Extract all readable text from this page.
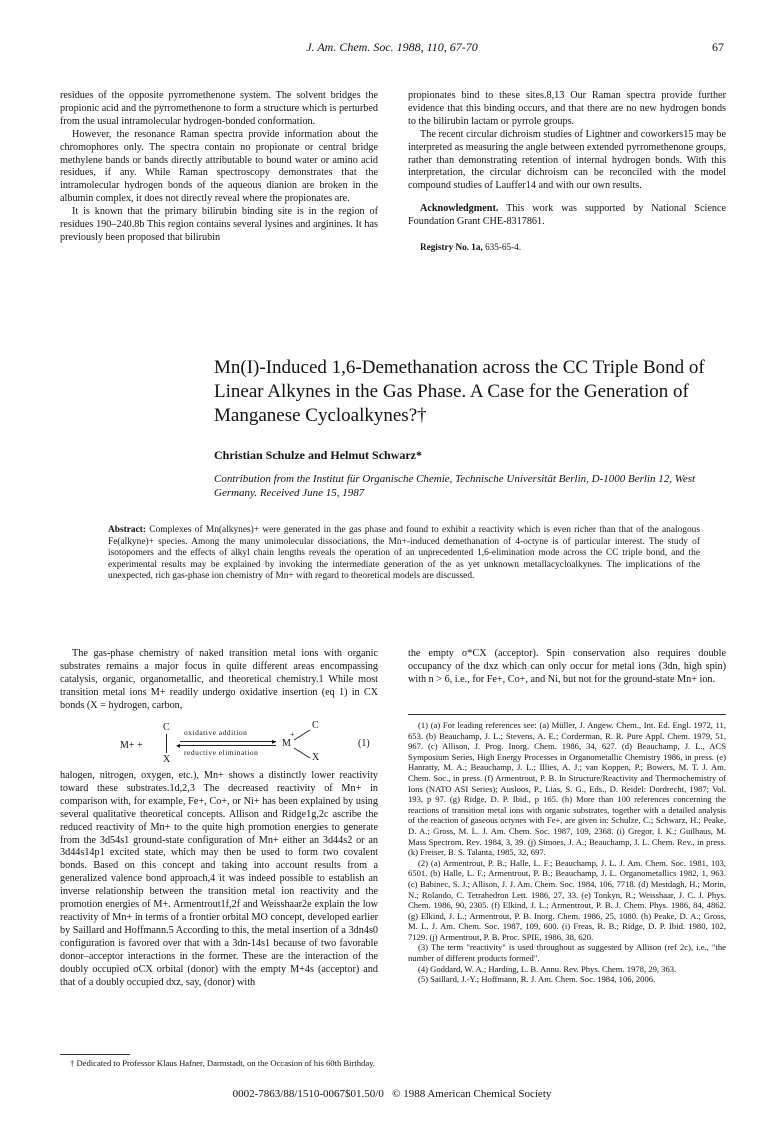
J. Am. Chem. Soc. 1988, 110, 67-70	67

residues of the opposite pyrromethenone system. The solvent bridges the propionic acid and the pyrromethenone to form a structure which is perturbed from the usual intramolecular hydrogen-bonded conformation.

However, the resonance Raman spectra provide information about the chromophores only. The spectra contain no propionate or central bridge methylene bands or bands directly attributable to bound water or amino acid residues, if any. While Raman spectroscopy demonstrates that the intramolecular hydrogen bonds of the aqueous dianion are broken in the albumin complex, it does not directly reveal where the propionates are.

It is known that the primary bilirubin binding site is in the region of residues 190–240.8b This region contains several lysines and arginines. It has previously been proposed that bilirubin

propionates bind to these sites.8,13 Our Raman spectra provide further evidence that this binding occurs, and that there are no new hydrogen bonds to the bilirubin lactam or pyrrole groups.

The recent circular dichroism studies of Lightner and coworkers15 may be interpreted as measuring the angle between extended pyrromethenone groups, rather than demonstrating retention of internal hydrogen bonds. With this interpretation, the circular dichroism can be reconciled with the model compound studies of Lauffer14 and with our own results.

Acknowledgment. This work was supported by National Science Foundation Grant CHE-8317861.

Registry No. 1a, 635-65-4.

Mn(I)-Induced 1,6-Demethanation across the CC Triple Bond of Linear Alkynes in the Gas Phase. A Case for the Generation of Manganese Cycloalkynes?†
Christian Schulze and Helmut Schwarz*
Contribution from the Institut für Organische Chemie, Technische Universität Berlin, D-1000 Berlin 12, West Germany. Received June 15, 1987
Abstract: Complexes of Mn(alkynes)+ were generated in the gas phase and found to exhibit a reactivity which is even richer than that of the analogous Fe(alkyne)+ species. Among the many unimolecular dissociations, the Mn+-induced demethanation of 4-octyne is of particular interest. The study of isotopomers and the effects of alkyl chain lengths reveals the operation of an unprecedented 1,6-elimination mode across the CC triple bond, and the experimental results may be explained by invoking the intermediate generation of the as yet unknown metallacycloalkynes. The implications of the unexpected, rich gas-phase ion chemistry of Mn+ with regard to theoretical models are discussed.

The gas-phase chemistry of naked transition metal ions with organic substrates remains a major focus in quite different areas encompassing catalysis, organic, organometallic, and theoretical chemistry.1 While most transition metal ions M+ readily undergo oxidative insertion (eq 1) in CX bonds (X = hydrogen, carbon,

M+ +
C
X
oxidative addition
▸
◂
reductive elimination
M
+
C
X
(1)

halogen, nitrogen, oxygen, etc.), Mn+ shows a distinctly lower reactivity toward these substrates.1d,2,3 The decreased reactivity of Mn+ in comparison with, for example, Fe+, Co+, or Ni+ has been explained by using several qualitative theoretical concepts. Allison and Ridge1g,2c ascribe the reduced reactivity of Mn+ to the quite high promotion energies to generate from the 3d54s1 ground-state configuration of Mn+ either an 3d44s2 or an 3d44s14p1 excited state, which may then be used to form two covalent bonds. Based on this concept and taking into account results from a generalized valence bond approach,4 it was indeed possible to establish an inverse relationship between the transition metal ion reactivity and the promotion energies of M+. Armentrout1f,2f and Weisshaar2e explain the low reactivity of Mn+ in terms of a frontier orbital MO concept, developed earlier by Saillard and Hoffmann.5 According to this, the metal insertion of a 3dn4s0 configuration is favored over that with a 3dn-14s1 because of two favorable donor–acceptor interactions in the former. These are the interaction of the doubly occupied σCX orbital (donor) with the empty M+4s (acceptor) and that of a doubly occupied dxz, say, (donor) with

† Dedicated to Professor Klaus Hafner, Darmstadt, on the Occasion of his 60th Birthday.

the empty σ*CX (acceptor). Spin conservation also requires double occupancy of the dxz which can only occur for metal ions (3dn, high spin) with n > 6, i.e., for Fe+, Co+, and Ni, but not for the ground-state Mn+ ion.

(1) (a) For leading references see: (a) Müller, J. Angew. Chem., Int. Ed. Engl. 1972, 11, 653. (b) Beauchamp, J. L.; Stevens, A. E.; Corderman, R. R. Pure Appl. Chem. 1979, 51, 967. (c) Allison, J. Prog. Inorg. Chem. 1986, 34, 627. (d) Beauchamp, J. L., ACS Symposium Series, High Energy Processes in Organometallic Chemistry 1986, in press. (e) Hanratty, M. A.; Beauchamp, J. L.; Illies, A. J.; van Koppen, P.; Bowers, M. T. J. Am. Chem. Soc., in press. (f) Armentrout, P. B. In Structure/Reactivity and Thermochemistry of Ions (NATO ASI Series); Ausloos, P., Lias, S. G., Eds., D. Reidel: Dordrecht, 1987; Vol. 193, p 97. (g) Ridge, D. P. Ibid., p 165. (h) More than 100 references concerning the reactions of transition metal ions with organic substrates, together with a detailed analysis of the reaction of gaseous octynes with Fe+, are given in: Schulze, C.; Schwarz, H.; Peake, D. A.; Gross, M. L. J. Am. Chem. Soc. 1987, 109, 2368. (i) Gregor, I. K.; Guilhaus, M. Mass Spectrom. Rev. 1984, 3, 39. (j) Simoes, J. A.; Beauchamp, J. L. Chem. Rev., in press. (k) Freiser, B. S. Talanta, 1985, 32, 697.

(2) (a) Armentrout, P. B.; Halle, L. F.; Beauchamp, J. L. J. Am. Chem. Soc. 1981, 103, 6501. (b) Halle, L. F.; Armentrout, P. B.; Beauchamp, J. L. Organometallics 1982, 1, 963. (c) Babinec, S. J.; Allison, J. J. Am. Chem. Soc. 1984, 106, 7718. (d) Mestdagh, H.; Morin, N.; Rolando, C. Tetrahedron Lett. 1986, 27, 33. (e) Tonkyn, R.; Weisshaar, J. C. J. Phys. Chem. 1986, 90, 2305. (f) Elkind, J. L.; Armentrout, P. B. J. Chem. Phys. 1986, 84, 4862. (g) Elkind, J. L.; Armentrout, P. B. Inorg. Chem. 1986, 25, 1080. (h) Peake, D. A.; Gross, M. L. J. Am. Chem. Soc. 1987, 109, 600. (i) Freas, R. B.; Ridge, D. P. Ibid. 1980, 102, 7129. (j) Armentrout, P. B. Proc. SPIE, 1986, 38, 620.

(3) The term "reactivity" is used throughout as suggested by Allison (ref 2c), i.e., "the number of different products formed".

(4) Goddard, W. A.; Harding, L. B. Annu. Rev. Phys. Chem. 1978, 29, 363.

(5) Saillard, J.-Y.; Hoffmann, R. J. Am. Chem. Soc. 1984, 106, 2006.

0002-7863/88/1510-0067$01.50/0 © 1988 American Chemical Society
